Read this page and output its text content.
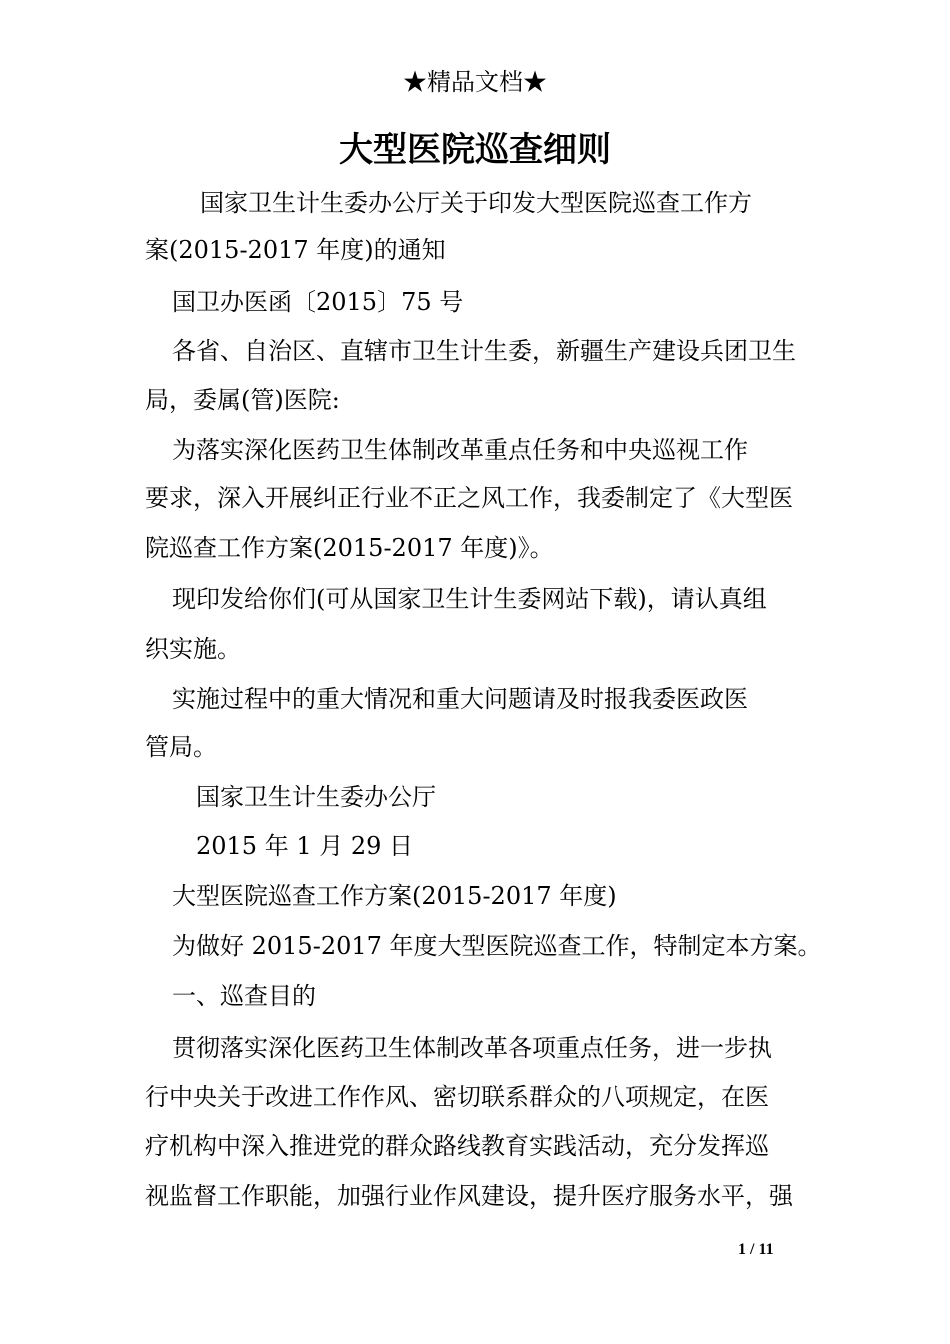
★精品文档★
大型医院巡查细则
国家卫生计生委办公厅关于印发大型医院巡查工作方
案(2015-2017 年度)的通知
国卫办医函〔2015〕75 号
各省、自治区、直辖市卫生计生委，新疆生产建设兵团卫生
局，委属(管)医院:
为落实深化医药卫生体制改革重点任务和中央巡视工作
要求，深入开展纠正行业不正之风工作，我委制定了《大型医
院巡查工作方案(2015-2017 年度)》。
现印发给你们(可从国家卫生计生委网站下载)，请认真组
织实施。
实施过程中的重大情况和重大问题请及时报我委医政医
管局。
国家卫生计生委办公厅
2015 年 1 月 29 日
大型医院巡查工作方案(2015-2017 年度)
为做好 2015-2017 年度大型医院巡查工作，特制定本方案。
一、巡查目的
贯彻落实深化医药卫生体制改革各项重点任务，进一步执
行中央关于改进工作作风、密切联系群众的八项规定，在医
疗机构中深入推进党的群众路线教育实践活动，充分发挥巡
视监督工作职能，加强行业作风建设，提升医疗服务水平，强
1 / 11
